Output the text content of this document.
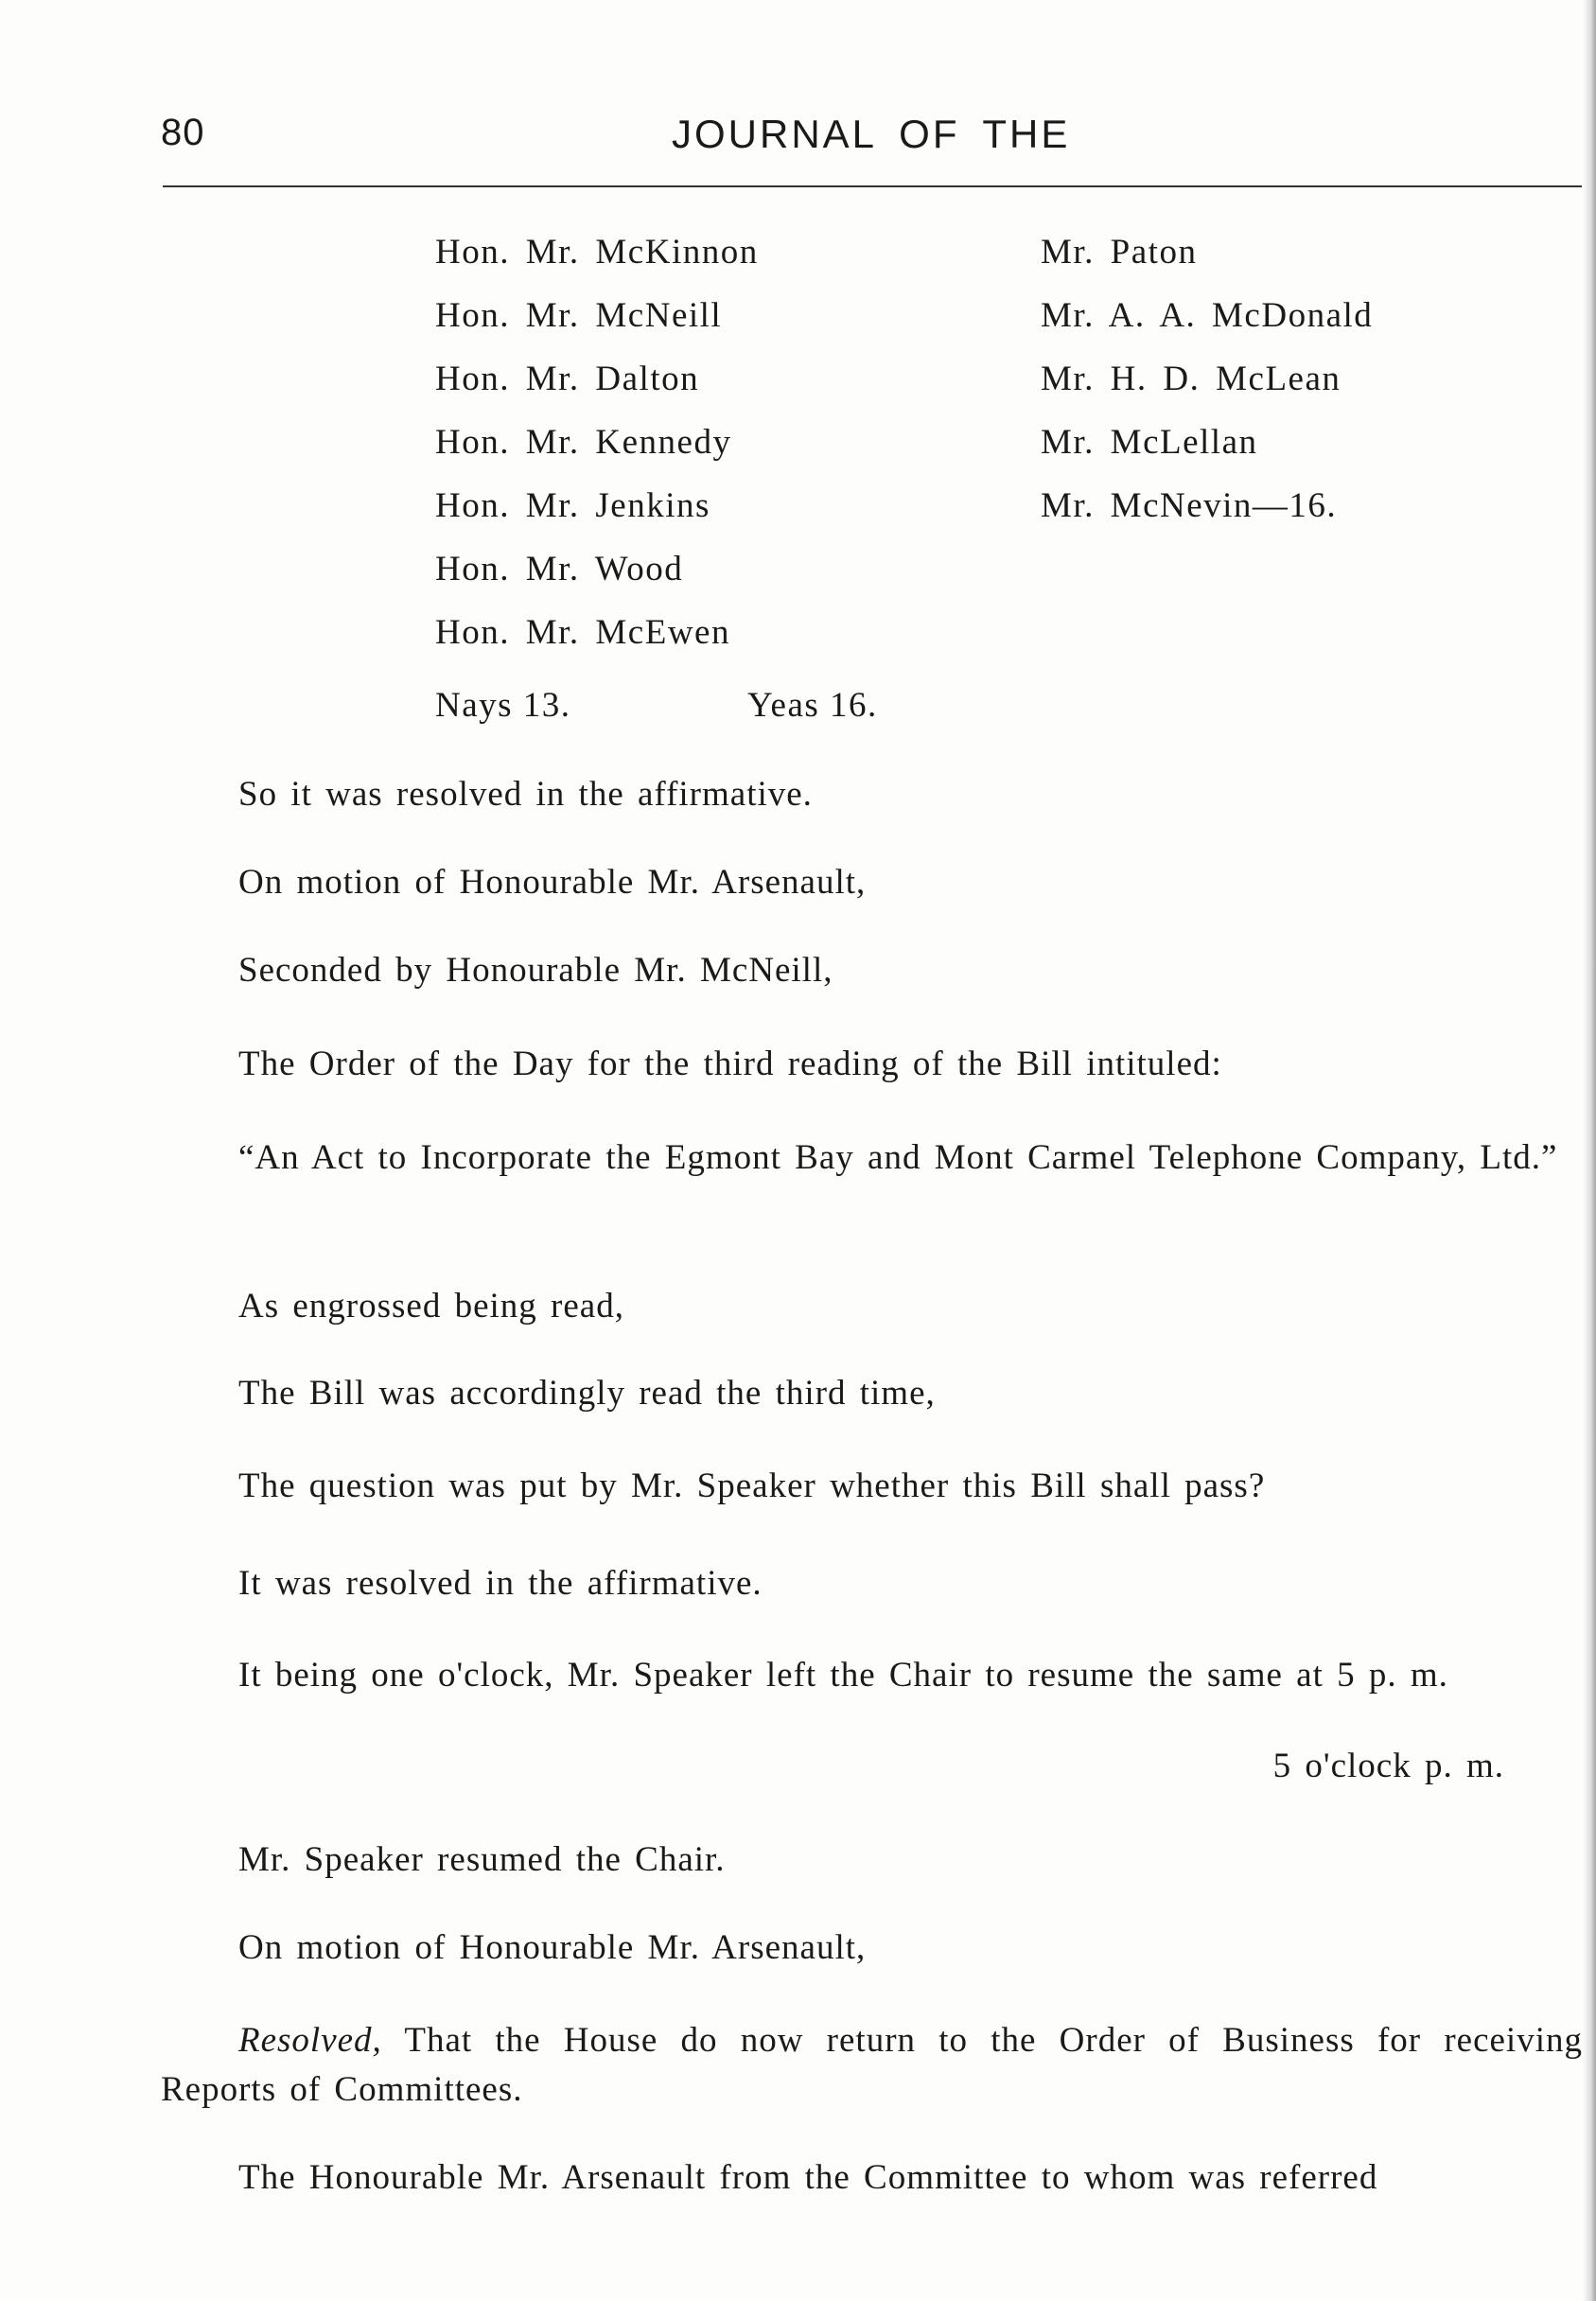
80	JOURNAL OF THE
Hon. Mr. McKinnon
Hon. Mr. McNeill
Hon. Mr. Dalton
Hon. Mr. Kennedy
Hon. Mr. Jenkins
Hon. Mr. Wood
Hon. Mr. McEwen
Mr. Paton
Mr. A. A. McDonald
Mr. H. D. McLean
Mr. McLellan
Mr. McNevin—16.
Nays 13.	Yeas 16.
So it was resolved in the affirmative.
On motion of Honourable Mr. Arsenault,
Seconded by Honourable Mr. McNeill,
The Order of the Day for the third reading of the Bill intituled:
“An Act to Incorporate the Egmont Bay and Mont Carmel Telephone Company, Ltd.”
As engrossed being read,
The Bill was accordingly read the third time,
The question was put by Mr. Speaker whether this Bill shall pass?
It was resolved in the affirmative.
It being one o'clock, Mr. Speaker left the Chair to resume the same at 5 p. m.
5 o'clock p. m.
Mr. Speaker resumed the Chair.
On motion of Honourable Mr. Arsenault,
Resolved, That the House do now return to the Order of Business for receiving Reports of Committees.
The Honourable Mr. Arsenault from the Committee to whom was referred
